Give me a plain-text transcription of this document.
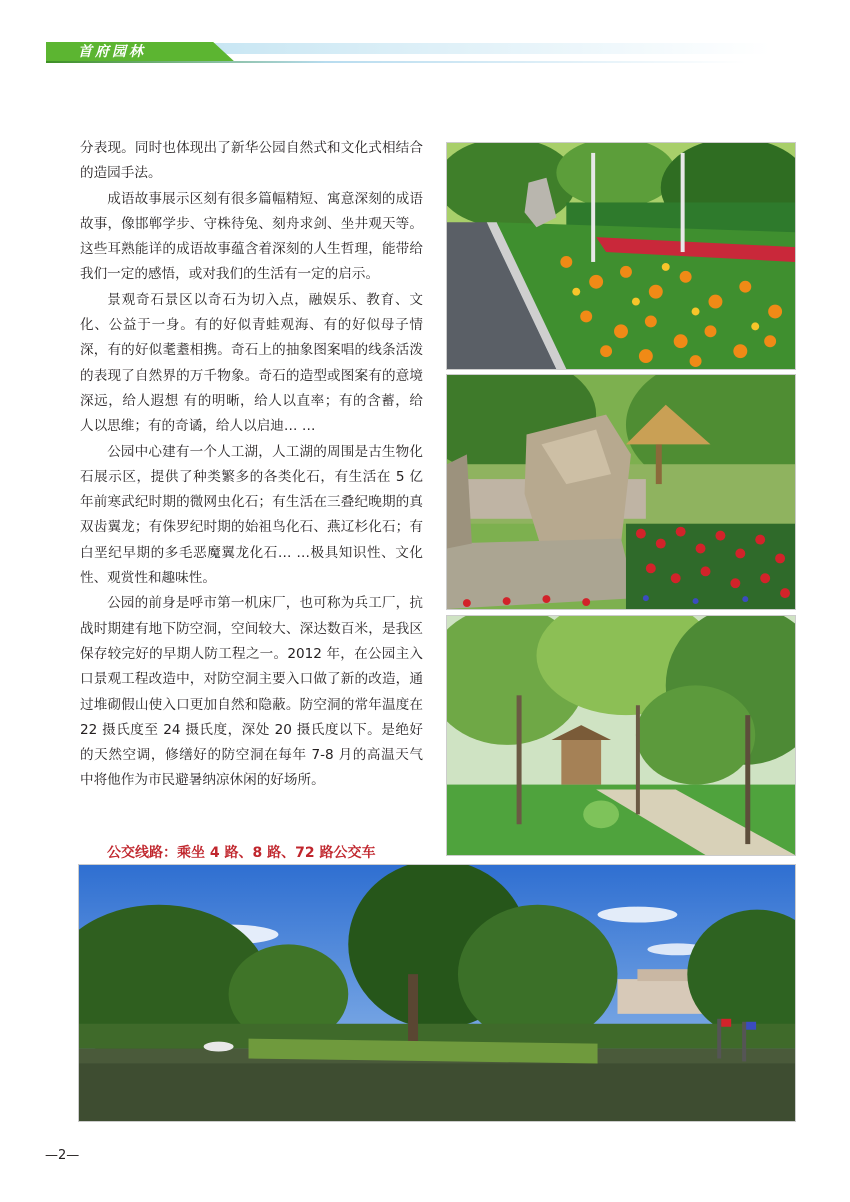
首府园林

分表现。同时也体现出了新华公园自然式和文化式相结合的造园手法。

成语故事展示区刻有很多篇幅精短、寓意深刻的成语故事，像邯郸学步、守株待兔、刻舟求剑、坐井观天等。这些耳熟能详的成语故事蕴含着深刻的人生哲理，能带给我们一定的感悟，或对我们的生活有一定的启示。

景观奇石景区以奇石为切入点，融娱乐、教育、文化、公益于一身。有的好似青蛙观海、有的好似母子情深，有的好似耄耋相携。奇石上的抽象图案唱的线条活泼的表现了自然界的万千物象。奇石的造型或图案有的意境深远，给人遐想 有的明晰，给人以直率；有的含蓄，给人以思维；有的奇谲，给人以启迪… …

公园中心建有一个人工湖，人工湖的周围是古生物化石展示区，提供了种类繁多的各类化石，有生活在 5 亿年前寒武纪时期的微网虫化石；有生活在三叠纪晚期的真双齿翼龙；有侏罗纪时期的始祖鸟化石、燕辽杉化石；有白垩纪早期的多毛恶魔翼龙化石… …极具知识性、文化性、观赏性和趣味性。

公园的前身是呼市第一机床厂，也可称为兵工厂，抗战时期建有地下防空洞，空间较大、深达数百米，是我区保存较完好的早期人防工程之一。2012 年，在公园主入口景观工程改造中，对防空洞主要入口做了新的改造，通过堆砌假山使入口更加自然和隐蔽。防空洞的常年温度在 22 摄氏度至 24 摄氏度，深处 20 摄氏度以下。是绝好的天然空调，修缮好的防空洞在每年 7-8 月的高温天气中将他作为市民避暑纳凉休闲的好场所。

公交线路：乘坐 4 路、8 路、72 路公交车
—2—
